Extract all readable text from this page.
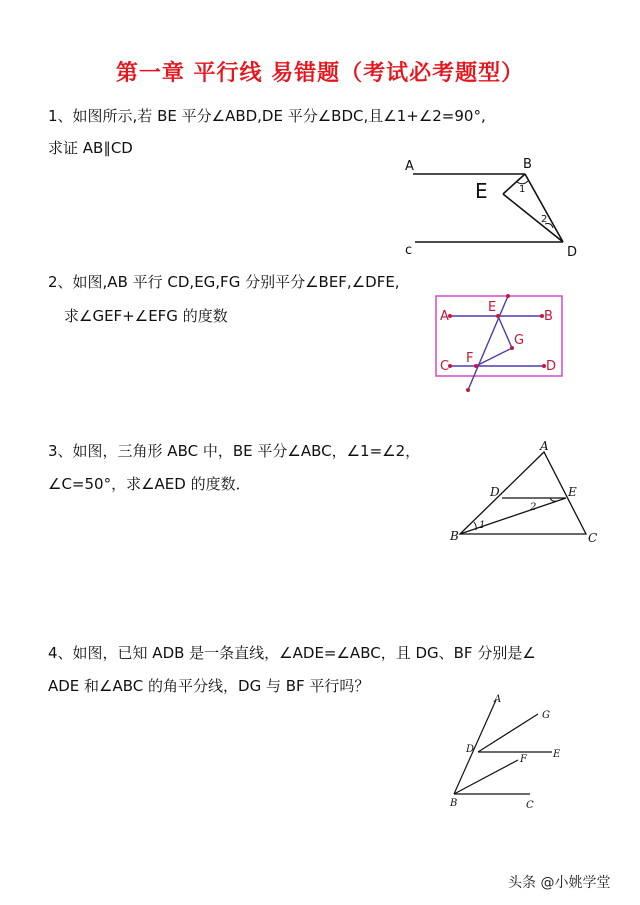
第一章 平行线 易错题（考试必考题型）
1、如图所示,若 BE 平分∠ABD,DE 平分∠BDC,且∠1+∠2=90°,
求证 AB∥CD
A	B
c	D
E	1
2
2、如图,AB 平行 CD,EG,FG 分别平分∠BEF,∠DFE,
求∠GEF+∠EFG 的度数	A	B
C	D
E
F
G
3、如图，三角形 ABC 中，BE 平分∠ABC，∠1=∠2，
∠C=50°，求∠AED 的度数．
A
B	C
D	E
1
2
4、如图，已知 ADB 是一条直线，∠ADE=∠ABC，且 DG、BF 分别是∠
ADE 和∠ABC 的角平分线，DG 与 BF 平行吗？
A
G
D	E
F
B	C
头条 @小姚学堂
